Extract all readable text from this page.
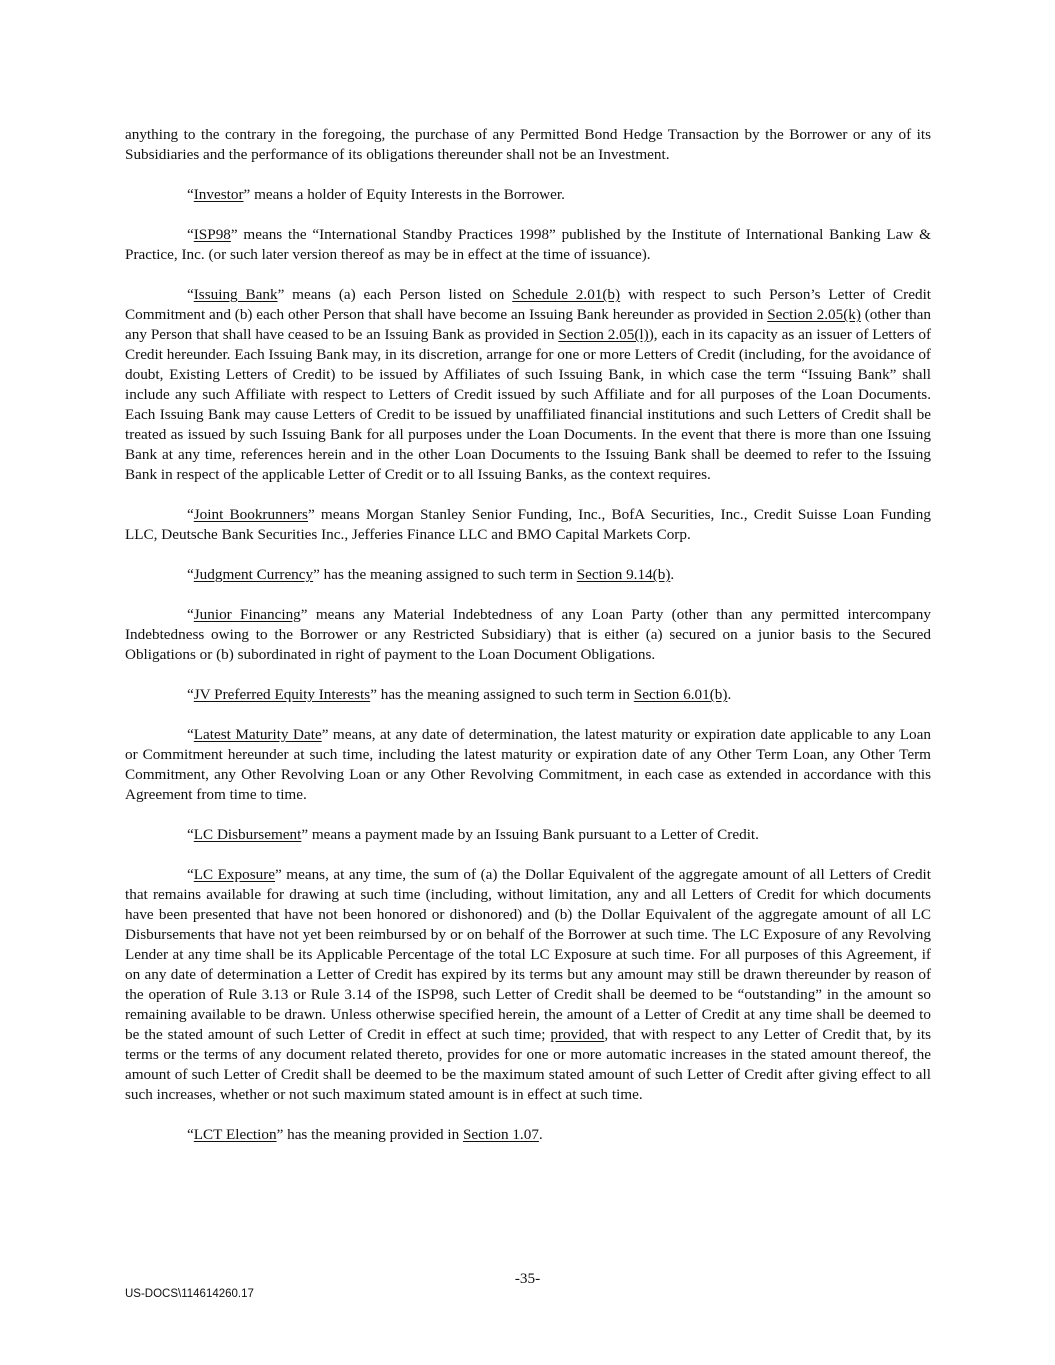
anything to the contrary in the foregoing, the purchase of any Permitted Bond Hedge Transaction by the Borrower or any of its Subsidiaries and the performance of its obligations thereunder shall not be an Investment.

“Investor” means a holder of Equity Interests in the Borrower.

“ISP98” means the “International Standby Practices 1998” published by the Institute of International Banking Law & Practice, Inc. (or such later version thereof as may be in effect at the time of issuance).

“Issuing Bank” means (a) each Person listed on Schedule 2.01(b) with respect to such Person’s Letter of Credit Commitment and (b) each other Person that shall have become an Issuing Bank hereunder as provided in Section 2.05(k) (other than any Person that shall have ceased to be an Issuing Bank as provided in Section 2.05(l)), each in its capacity as an issuer of Letters of Credit hereunder. Each Issuing Bank may, in its discretion, arrange for one or more Letters of Credit (including, for the avoidance of doubt, Existing Letters of Credit) to be issued by Affiliates of such Issuing Bank, in which case the term “Issuing Bank” shall include any such Affiliate with respect to Letters of Credit issued by such Affiliate and for all purposes of the Loan Documents. Each Issuing Bank may cause Letters of Credit to be issued by unaffiliated financial institutions and such Letters of Credit shall be treated as issued by such Issuing Bank for all purposes under the Loan Documents. In the event that there is more than one Issuing Bank at any time, references herein and in the other Loan Documents to the Issuing Bank shall be deemed to refer to the Issuing Bank in respect of the applicable Letter of Credit or to all Issuing Banks, as the context requires.

“Joint Bookrunners” means Morgan Stanley Senior Funding, Inc., BofA Securities, Inc., Credit Suisse Loan Funding LLC, Deutsche Bank Securities Inc., Jefferies Finance LLC and BMO Capital Markets Corp.

“Judgment Currency” has the meaning assigned to such term in Section 9.14(b).

“Junior Financing” means any Material Indebtedness of any Loan Party (other than any permitted intercompany Indebtedness owing to the Borrower or any Restricted Subsidiary) that is either (a) secured on a junior basis to the Secured Obligations or (b) subordinated in right of payment to the Loan Document Obligations.

“JV Preferred Equity Interests” has the meaning assigned to such term in Section 6.01(b).

“Latest Maturity Date” means, at any date of determination, the latest maturity or expiration date applicable to any Loan or Commitment hereunder at such time, including the latest maturity or expiration date of any Other Term Loan, any Other Term Commitment, any Other Revolving Loan or any Other Revolving Commitment, in each case as extended in accordance with this Agreement from time to time.

“LC Disbursement” means a payment made by an Issuing Bank pursuant to a Letter of Credit.

“LC Exposure” means, at any time, the sum of (a) the Dollar Equivalent of the aggregate amount of all Letters of Credit that remains available for drawing at such time (including, without limitation, any and all Letters of Credit for which documents have been presented that have not been honored or dishonored) and (b) the Dollar Equivalent of the aggregate amount of all LC Disbursements that have not yet been reimbursed by or on behalf of the Borrower at such time. The LC Exposure of any Revolving Lender at any time shall be its Applicable Percentage of the total LC Exposure at such time. For all purposes of this Agreement, if on any date of determination a Letter of Credit has expired by its terms but any amount may still be drawn thereunder by reason of the operation of Rule 3.13 or Rule 3.14 of the ISP98, such Letter of Credit shall be deemed to be “outstanding” in the amount so remaining available to be drawn. Unless otherwise specified herein, the amount of a Letter of Credit at any time shall be deemed to be the stated amount of such Letter of Credit in effect at such time; provided, that with respect to any Letter of Credit that, by its terms or the terms of any document related thereto, provides for one or more automatic increases in the stated amount thereof, the amount of such Letter of Credit shall be deemed to be the maximum stated amount of such Letter of Credit after giving effect to all such increases, whether or not such maximum stated amount is in effect at such time.

“LCT Election” has the meaning provided in Section 1.07.

-35-
US-DOCS\114614260.17
